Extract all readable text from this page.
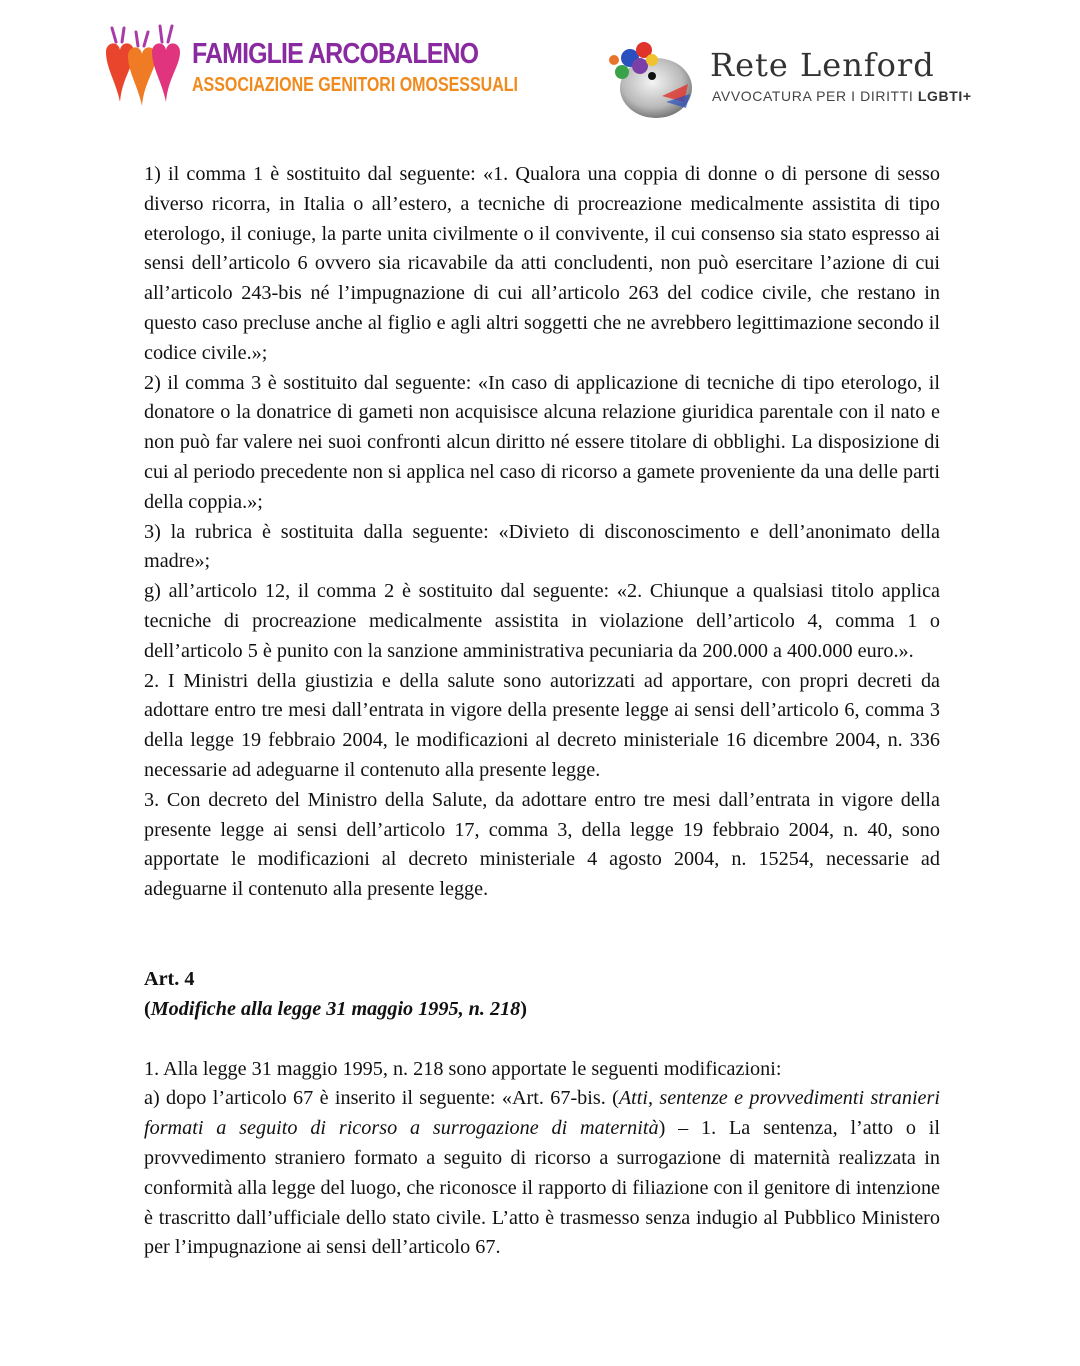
FAMIGLIE ARCOBALENO
ASSOCIAZIONE GENITORI OMOSESSUALI
Rete Lenford
AVVOCATURA PER I DIRITTI LGBTI+

1) il comma 1 è sostituito dal seguente: «1. Qualora una coppia di donne o di persone di sesso diverso ricorra, in Italia o all’estero, a tecniche di procreazione medicalmente assistita di tipo eterologo, il coniuge, la parte unita civilmente o il convivente, il cui consenso sia stato espresso ai sensi dell’articolo 6 ovvero sia ricavabile da atti concludenti, non può esercitare l’azione di cui all’articolo 243-bis né l’impugnazione di cui all’articolo 263 del codice civile, che restano in questo caso precluse anche al figlio e agli altri soggetti che ne avrebbero legittimazione secondo il codice civile.»;

2) il comma 3 è sostituito dal seguente: «In caso di applicazione di tecniche di tipo eterologo, il donatore o la donatrice di gameti non acquisisce alcuna relazione giuridica parentale con il nato e non può far valere nei suoi confronti alcun diritto né essere titolare di obblighi. La disposizione di cui al periodo precedente non si applica nel caso di ricorso a gamete proveniente da una delle parti della coppia.»;

3) la rubrica è sostituita dalla seguente: «Divieto di disconoscimento e dell’anonimato della madre»;

g) all’articolo 12, il comma 2 è sostituito dal seguente: «2. Chiunque a qualsiasi titolo applica tecniche di procreazione medicalmente assistita in violazione dell’articolo 4, comma 1 o dell’articolo 5 è punito con la sanzione amministrativa pecuniaria da 200.000 a 400.000 euro.».

2. I Ministri della giustizia e della salute sono autorizzati ad apportare, con propri decreti da adottare entro tre mesi dall’entrata in vigore della presente legge ai sensi dell’articolo 6, comma 3 della legge 19 febbraio 2004, le modificazioni al decreto ministeriale 16 dicembre 2004, n. 336 necessarie ad adeguarne il contenuto alla presente legge.

3. Con decreto del Ministro della Salute, da adottare entro tre mesi dall’entrata in vigore della presente legge ai sensi dell’articolo 17, comma 3, della legge 19 febbraio 2004, n. 40, sono apportate le modificazioni al decreto ministeriale 4 agosto 2004, n. 15254, necessarie ad adeguarne il contenuto alla presente legge.

Art. 4

(Modifiche alla legge 31 maggio 1995, n. 218)

1. Alla legge 31 maggio 1995, n. 218 sono apportate le seguenti modificazioni:

a) dopo l’articolo 67 è inserito il seguente: «Art. 67-bis. (Atti, sentenze e provvedimenti stranieri formati a seguito di ricorso a surrogazione di maternità) – 1. La sentenza, l’atto o il provvedimento straniero formato a seguito di ricorso a surrogazione di maternità realizzata in conformità alla legge del luogo, che riconosce il rapporto di filiazione con il genitore di intenzione è trascritto dall’ufficiale dello stato civile. L’atto è trasmesso senza indugio al Pubblico Ministero per l’impugnazione ai sensi dell’articolo 67.
